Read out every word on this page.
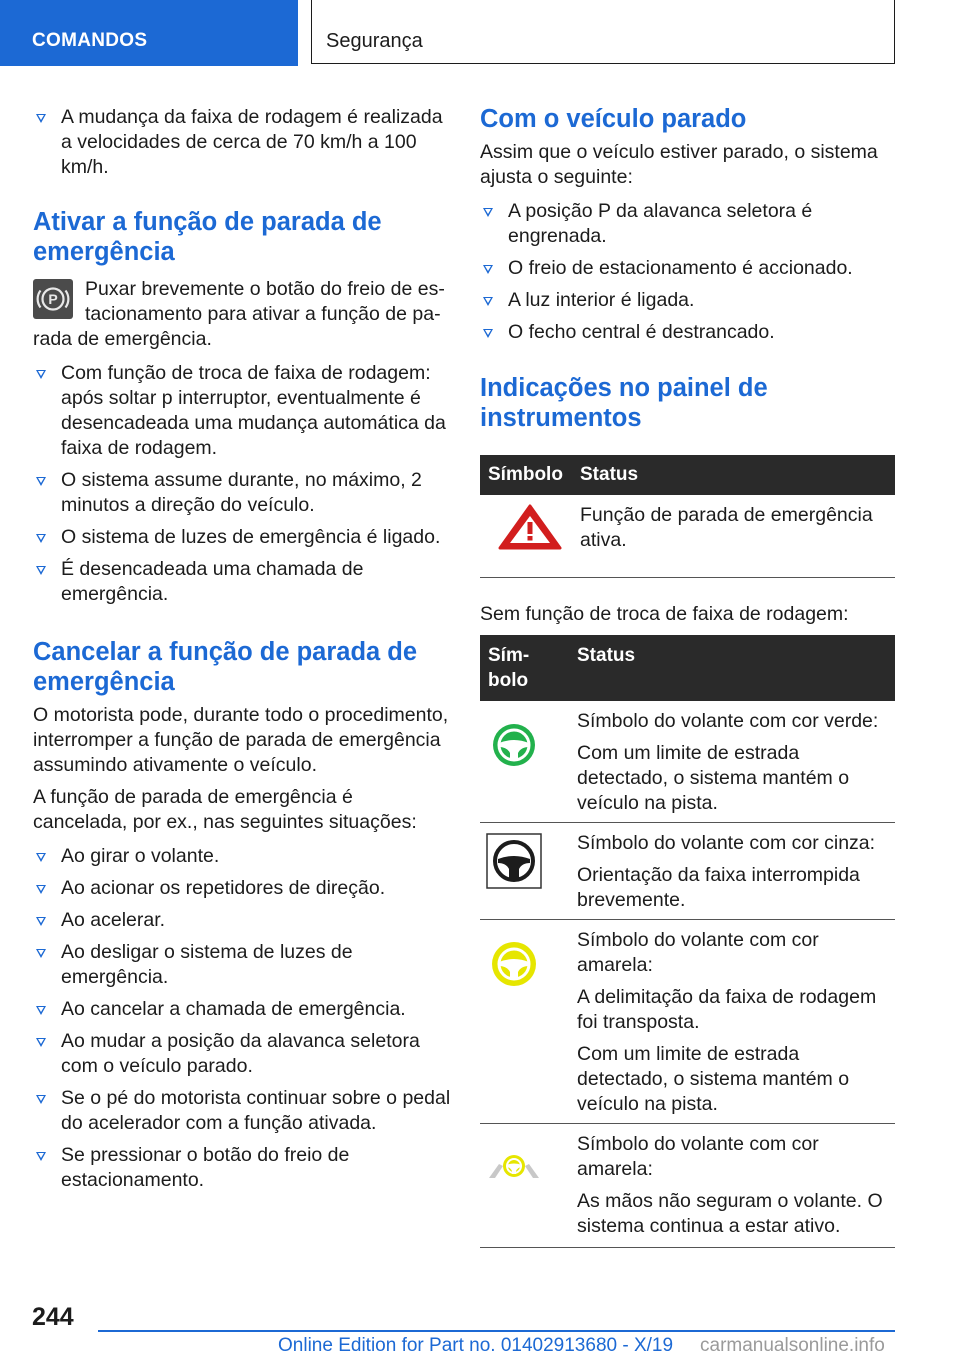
COMANDOS	Segurança
A mudança da faixa de rodagem é realizada a velocidades de cerca de 70 km/h a 100 km/h.

Ativar a função de parada de emergência

P	Puxar brevemente o botão do freio de es-
tacionamento para ativar a função de pa-

rada de emergência.

Com função de troca de faixa de rodagem: após soltar p interruptor, eventualmente é desencadeada uma mudança automática da faixa de rodagem.
O sistema assume durante, no máximo, 2 minutos a direção do veículo.
O sistema de luzes de emergência é ligado.
É desencadeada uma chamada de emergência.

Cancelar a função de parada de emergência

O motorista pode, durante todo o procedimento, interromper a função de parada de emergência assumindo ativamente o veículo.

A função de parada de emergência é cancelada, por ex., nas seguintes situações:

Ao girar o volante.
Ao acionar os repetidores de direção.
Ao acelerar.
Ao desligar o sistema de luzes de emergência.
Ao cancelar a chamada de emergência.
Ao mudar a posição da alavanca seletora com o veículo parado.
Se o pé do motorista continuar sobre o pedal do acelerador com a função ativada.
Se pressionar o botão do freio de estacionamento.

Com o veículo parado

Assim que o veículo estiver parado, o sistema ajusta o seguinte:

A posição P da alavanca seletora é engrenada.
O freio de estacionamento é accionado.
A luz interior é ligada.
O fecho central é destrancado.

Indicações no painel de instrumentos

Símbolo Status

Função de parada de emergência ativa.

Sem função de troca de faixa de rodagem:

Sím-
bolo
Status

Símbolo do volante com cor verde:

Com um limite de estrada detectado, o sistema mantém o veículo na pista.

Símbolo do volante com cor cinza:

Orientação da faixa interrompida brevemente.

Símbolo do volante com cor amarela:

A delimitação da faixa de rodagem foi transposta.

Com um limite de estrada detectado, o sistema mantém o veículo na pista.

Símbolo do volante com cor amarela:

As mãos não seguram o volante. O sistema continua a estar ativo.

244
Online Edition for Part no. 01402913680 - X/19 carmanualsonline.info
